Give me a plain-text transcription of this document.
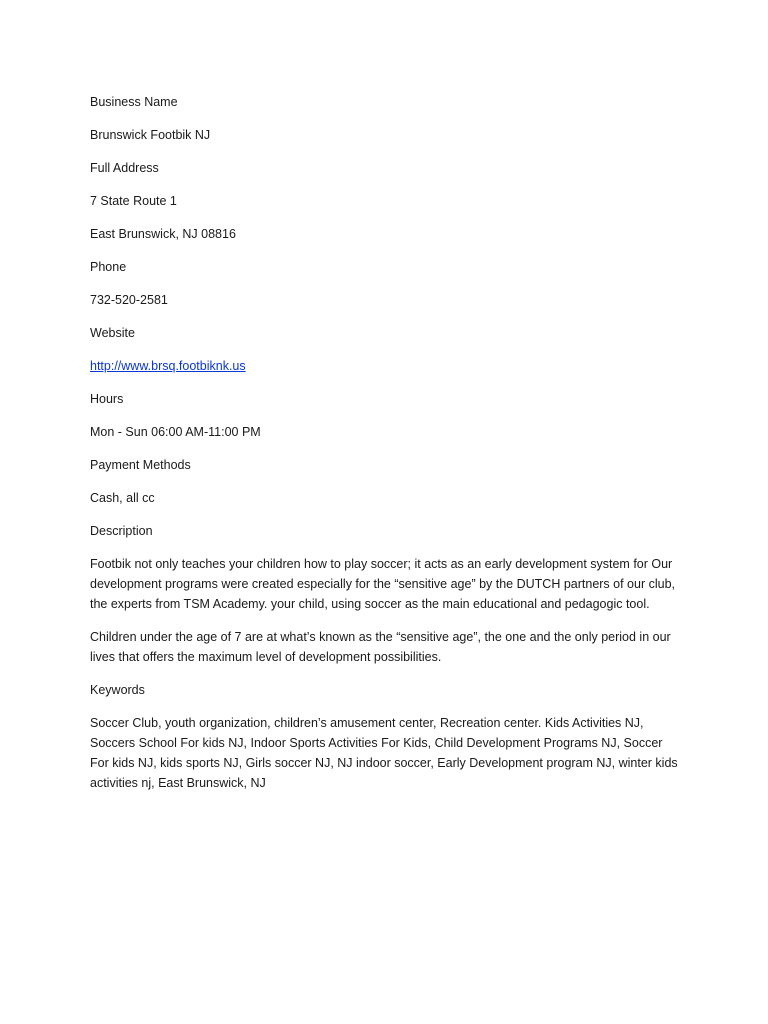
Business Name

Brunswick Footbik NJ

Full Address

7 State Route 1

East Brunswick, NJ 08816

Phone

732-520-2581

Website

http://www.brsq.footbiknk.us

Hours

Mon - Sun 06:00 AM-11:00 PM

Payment Methods

Cash, all cc

Description

Footbik not only teaches your children how to play soccer; it acts as an early development system for Our development programs were created especially for the “sensitive age” by the DUTCH partners of our club, the experts from TSM Academy. your child, using soccer as the main educational and pedagogic tool.

Children under the age of 7 are at what’s known as the “sensitive age”, the one and the only period in our lives that offers the maximum level of development possibilities.

Keywords

Soccer Club, youth organization, children’s amusement center, Recreation center. Kids Activities NJ, Soccers School For kids NJ, Indoor Sports Activities For Kids, Child Development Programs NJ, Soccer For kids NJ, kids sports NJ, Girls soccer NJ, NJ indoor soccer, Early Development program NJ, winter kids activities nj, East Brunswick, NJ
